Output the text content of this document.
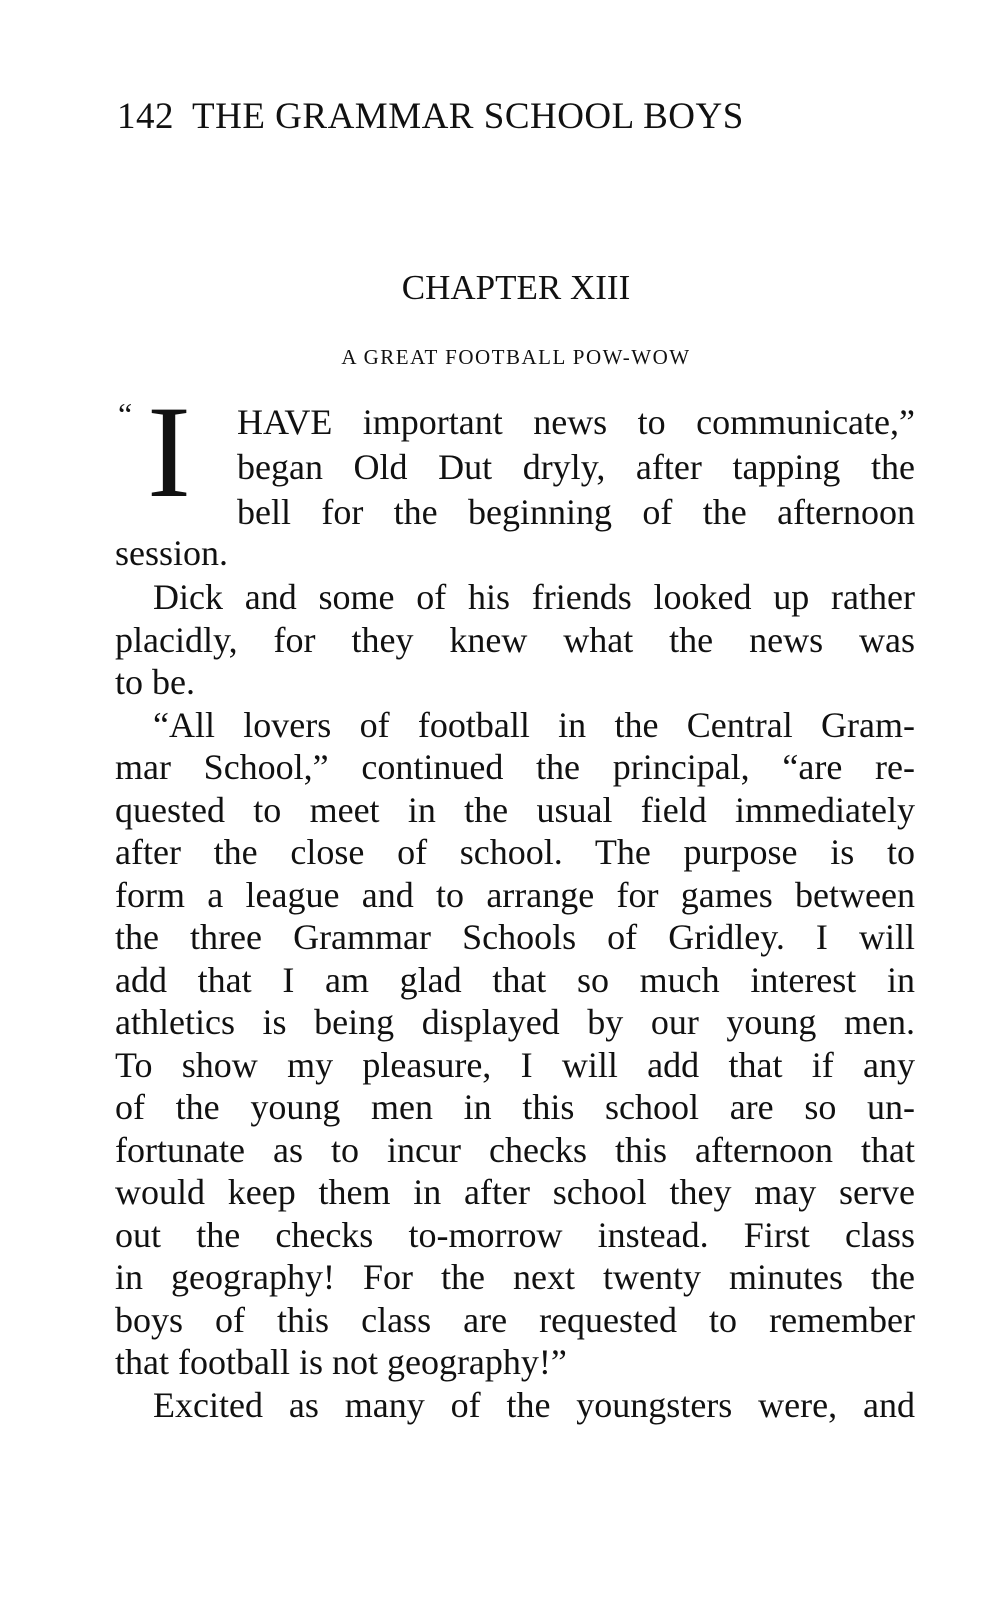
142 THE GRAMMAR SCHOOL BOYS
CHAPTER XIII
A GREAT FOOTBALL POW-WOW
“ I HAVE important news to communicate,”
began Old Dut dryly, after tapping the
bell for the beginning of the afternoon
session.

Dick and some of his friends looked up rather
placidly, for they knew what the news was
to be.

“All lovers of football in the Central Gram-
mar School,” continued the principal, “are re-
quested to meet in the usual field immediately
after the close of school. The purpose is to
form a league and to arrange for games between
the three Grammar Schools of Gridley. I will
add that I am glad that so much interest in
athletics is being displayed by our young men.
To show my pleasure, I will add that if any
of the young men in this school are so un-
fortunate as to incur checks this afternoon that
would keep them in after school they may serve
out the checks to-morrow instead. First class
in geography! For the next twenty minutes the
boys of this class are requested to remember
that football is not geography!”

Excited as many of the youngsters were, and
